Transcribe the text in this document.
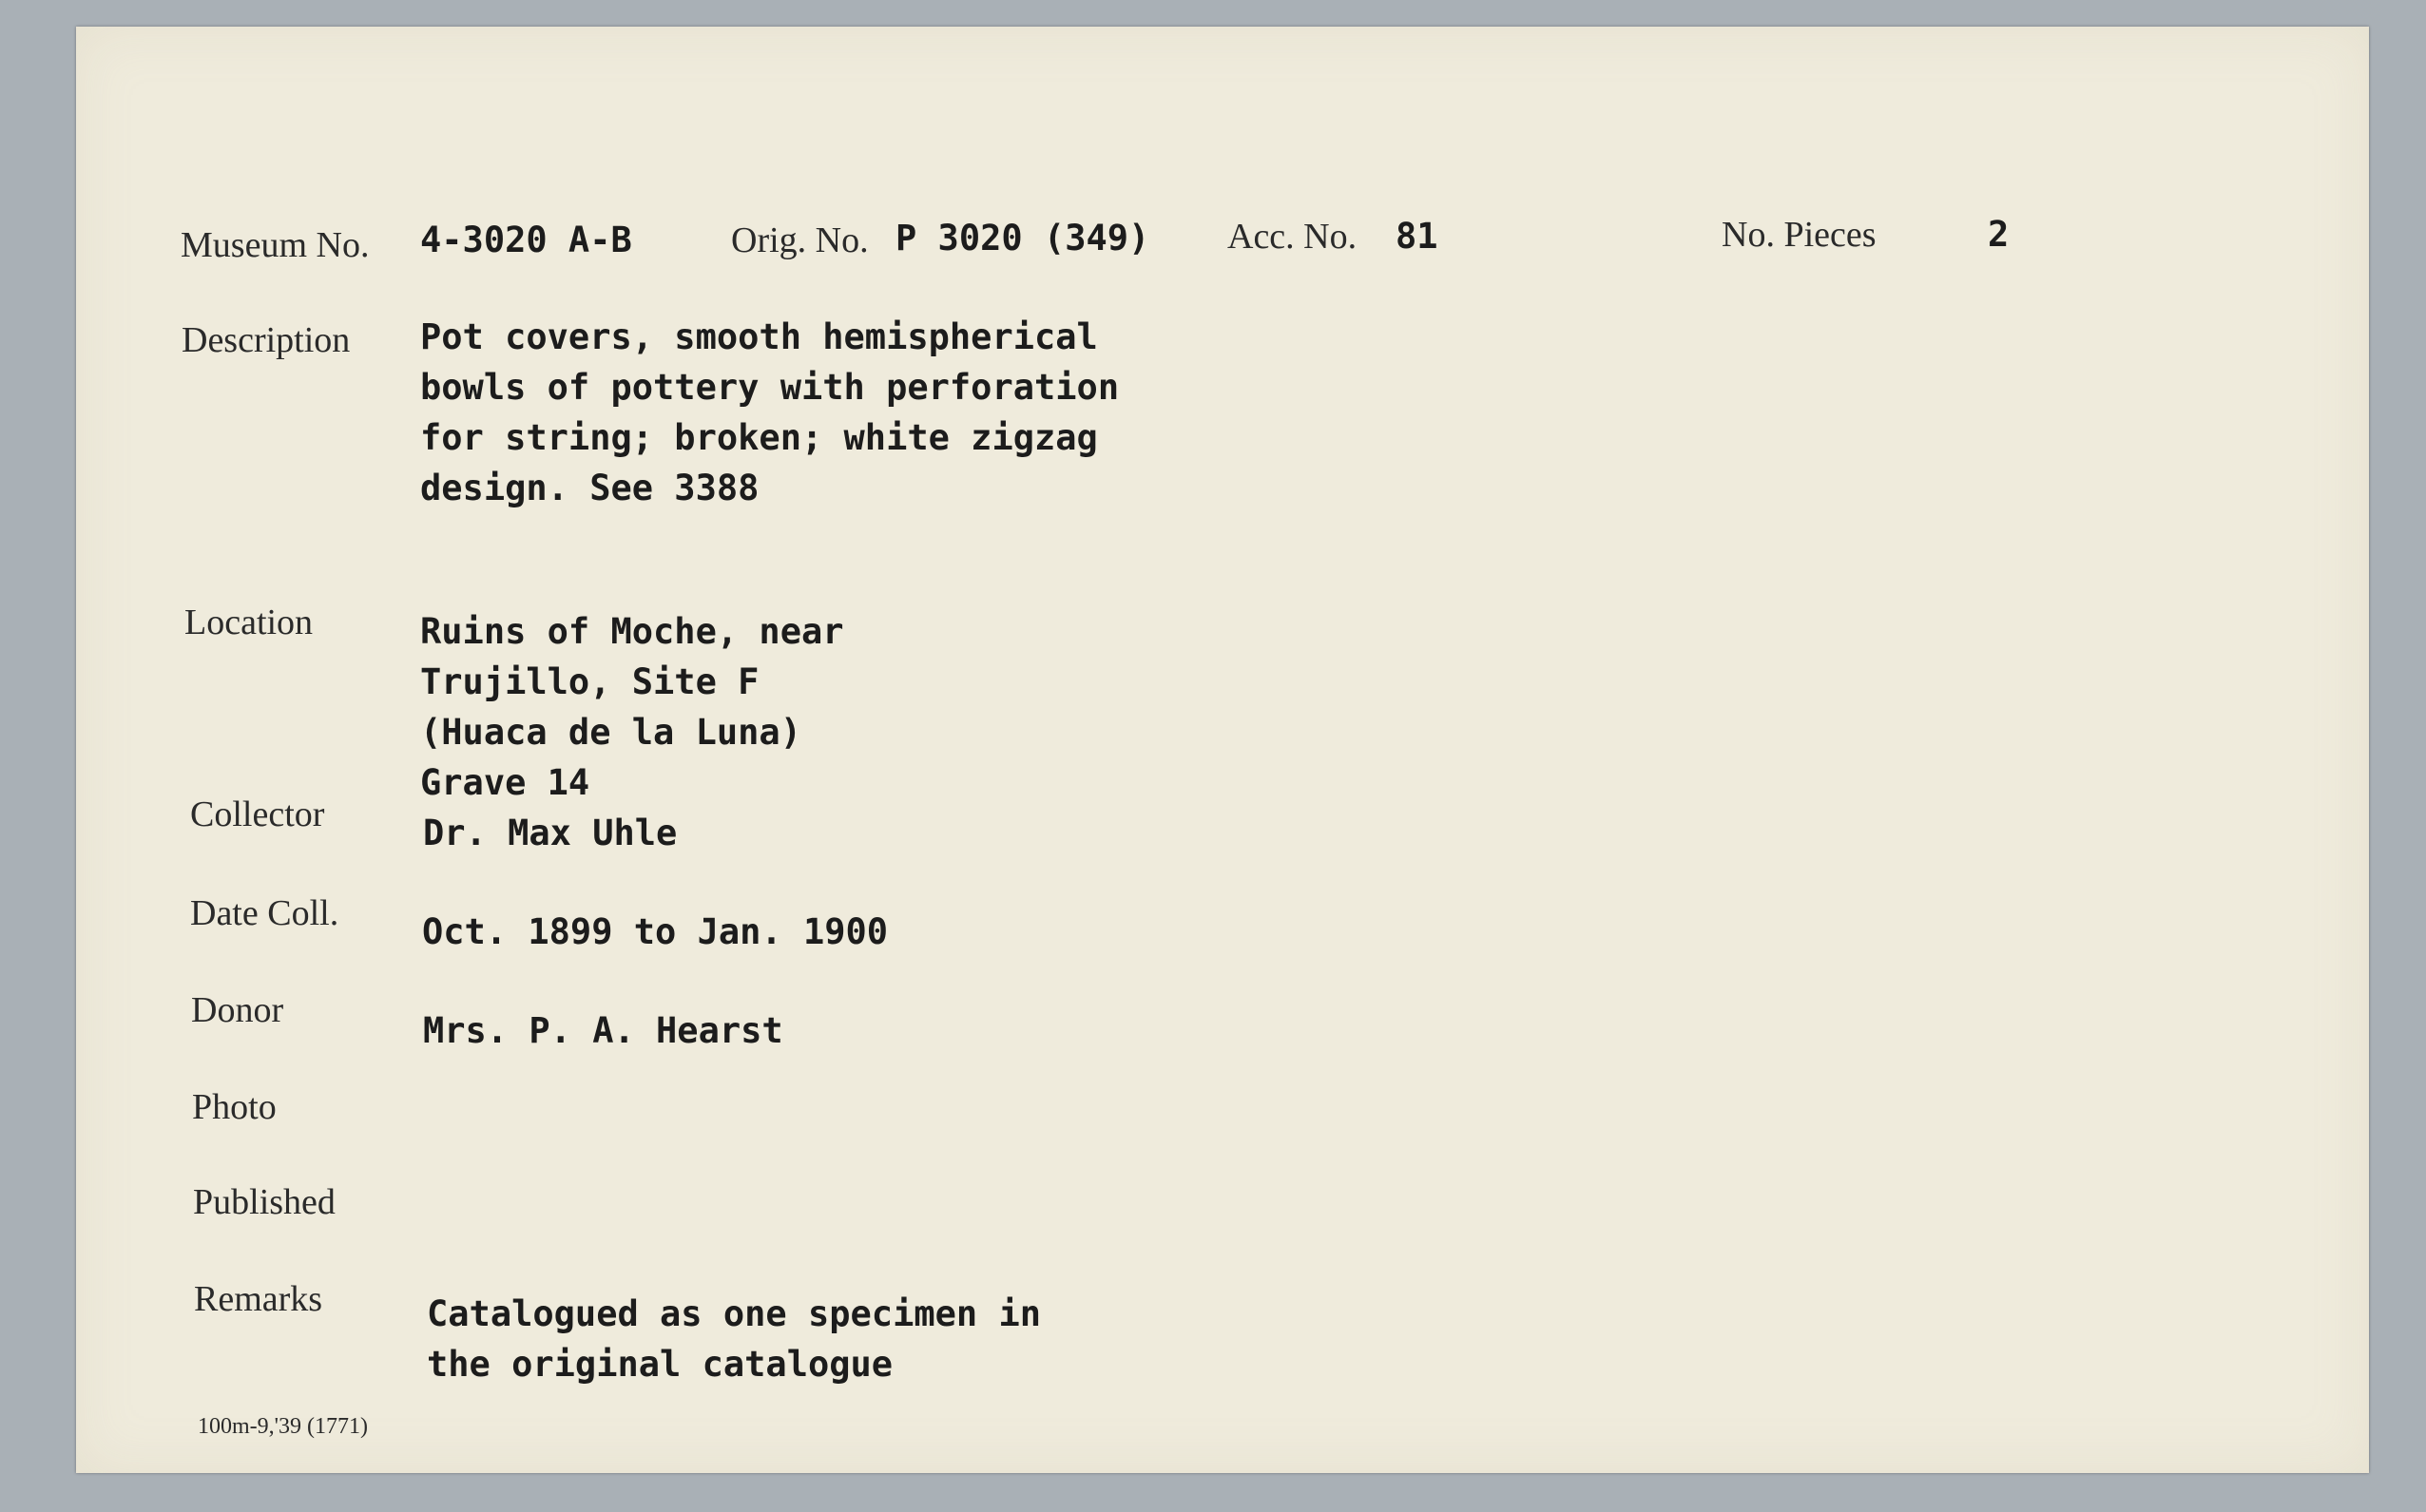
Museum No. 4-3020 A-B	Orig. No. P 3020 (349) Acc. No. 81	No. Pieces	2
Description Pot covers, smooth hemispherical
bowls of pottery with perforation
for string; broken; white zigzag
design. See 3388
Location	Ruins of Moche, near
Trujillo, Site F
(Huaca de la Luna)
Grave 14
Collector	Dr. Max Uhle
Date Coll. Oct. 1899 to Jan. 1900
Donor	Mrs. P. A. Hearst
Photo
Published
Remarks	Catalogued as one specimen in
the original catalogue
100m-9,'39 (1771)
